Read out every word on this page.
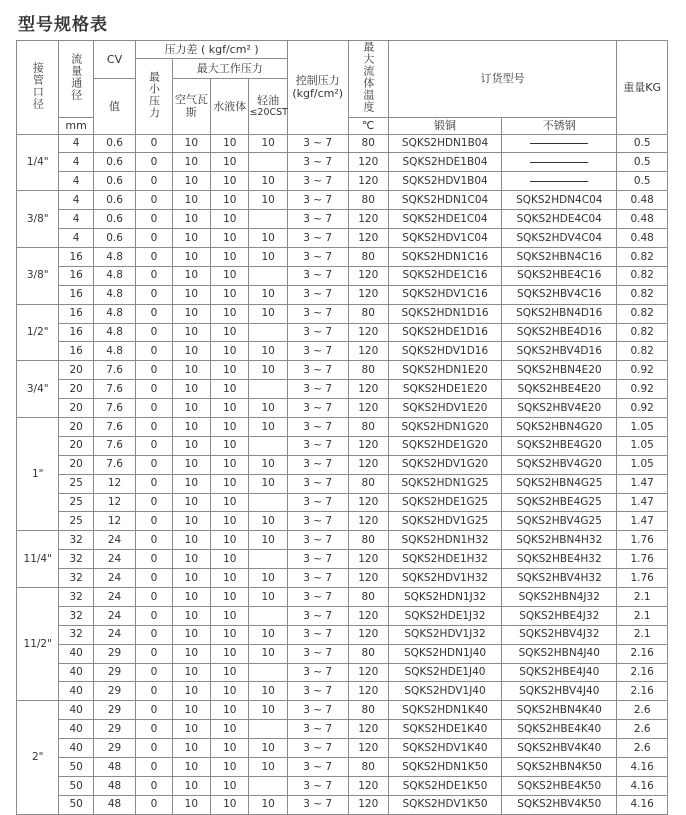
型号规格表
接管口径	流量通径	CV	压力差 ( kgf/cm² )				控制压力(kgf/cm²)	最大流体温度	订货型号		重量KG
			最小压力	最大工作压力							
		值		空气瓦斯	水液体	轻油
≤20CST					

	mm							℃	锻铜	不锈钢	
1/4"	4	0.6	0	10	10	10	3 ~ 7	80	SQKS2HDN1B04		0.5
	4	0.6	0	10	10		3 ~ 7	120	SQKS2HDE1B04		0.5
	4	0.6	0	10	10	10	3 ~ 7	120	SQKS2HDV1B04		0.5
3/8"	4	0.6	0	10	10	10	3 ~ 7	80	SQKS2HDN1C04	SQKS2HDN4C04	0.48
	4	0.6	0	10	10		3 ~ 7	120	SQKS2HDE1C04	SQKS2HDE4C04	0.48
	4	0.6	0	10	10	10	3 ~ 7	120	SQKS2HDV1C04	SQKS2HDV4C04	0.48
3/8"	16	4.8	0	10	10	10	3 ~ 7	80	SQKS2HDN1C16	SQKS2HBN4C16	0.82
	16	4.8	0	10	10		3 ~ 7	120	SQKS2HDE1C16	SQKS2HBE4C16	0.82
	16	4.8	0	10	10	10	3 ~ 7	120	SQKS2HDV1C16	SQKS2HBV4C16	0.82
1/2"	16	4.8	0	10	10	10	3 ~ 7	80	SQKS2HDN1D16	SQKS2HBN4D16	0.82
	16	4.8	0	10	10		3 ~ 7	120	SQKS2HDE1D16	SQKS2HBE4D16	0.82
	16	4.8	0	10	10	10	3 ~ 7	120	SQKS2HDV1D16	SQKS2HBV4D16	0.82
3/4"	20	7.6	0	10	10	10	3 ~ 7	80	SQKS2HDN1E20	SQKS2HBN4E20	0.92
	20	7.6	0	10	10		3 ~ 7	120	SQKS2HDE1E20	SQKS2HBE4E20	0.92
	20	7.6	0	10	10	10	3 ~ 7	120	SQKS2HDV1E20	SQKS2HBV4E20	0.92
1"	20	7.6	0	10	10	10	3 ~ 7	80	SQKS2HDN1G20	SQKS2HBN4G20	1.05
	20	7.6	0	10	10		3 ~ 7	120	SQKS2HDE1G20	SQKS2HBE4G20	1.05
	20	7.6	0	10	10	10	3 ~ 7	120	SQKS2HDV1G20	SQKS2HBV4G20	1.05
	25	12	0	10	10	10	3 ~ 7	80	SQKS2HDN1G25	SQKS2HBN4G25	1.47
	25	12	0	10	10		3 ~ 7	120	SQKS2HDE1G25	SQKS2HBE4G25	1.47
	25	12	0	10	10	10	3 ~ 7	120	SQKS2HDV1G25	SQKS2HBV4G25	1.47
11/4"	32	24	0	10	10	10	3 ~ 7	80	SQKS2HDN1H32	SQKS2HBN4H32	1.76
	32	24	0	10	10		3 ~ 7	120	SQKS2HDE1H32	SQKS2HBE4H32	1.76
	32	24	0	10	10	10	3 ~ 7	120	SQKS2HDV1H32	SQKS2HBV4H32	1.76
11/2"	32	24	0	10	10	10	3 ~ 7	80	SQKS2HDN1J32	SQKS2HBN4J32	2.1
	32	24	0	10	10		3 ~ 7	120	SQKS2HDE1J32	SQKS2HBE4J32	2.1
	32	24	0	10	10	10	3 ~ 7	120	SQKS2HDV1J32	SQKS2HBV4J32	2.1
	40	29	0	10	10	10	3 ~ 7	80	SQKS2HDN1J40	SQKS2HBN4J40	2.16
	40	29	0	10	10		3 ~ 7	120	SQKS2HDE1J40	SQKS2HBE4J40	2.16
	40	29	0	10	10	10	3 ~ 7	120	SQKS2HDV1J40	SQKS2HBV4J40	2.16
2"	40	29	0	10	10	10	3 ~ 7	80	SQKS2HDN1K40	SQKS2HBN4K40	2.6
	40	29	0	10	10		3 ~ 7	120	SQKS2HDE1K40	SQKS2HBE4K40	2.6
	40	29	0	10	10	10	3 ~ 7	120	SQKS2HDV1K40	SQKS2HBV4K40	2.6
	50	48	0	10	10	10	3 ~ 7	80	SQKS2HDN1K50	SQKS2HBN4K50	4.16
	50	48	0	10	10		3 ~ 7	120	SQKS2HDE1K50	SQKS2HBE4K50	4.16
	50	48	0	10	10	10	3 ~ 7	120	SQKS2HDV1K50	SQKS2HBV4K50	4.16
